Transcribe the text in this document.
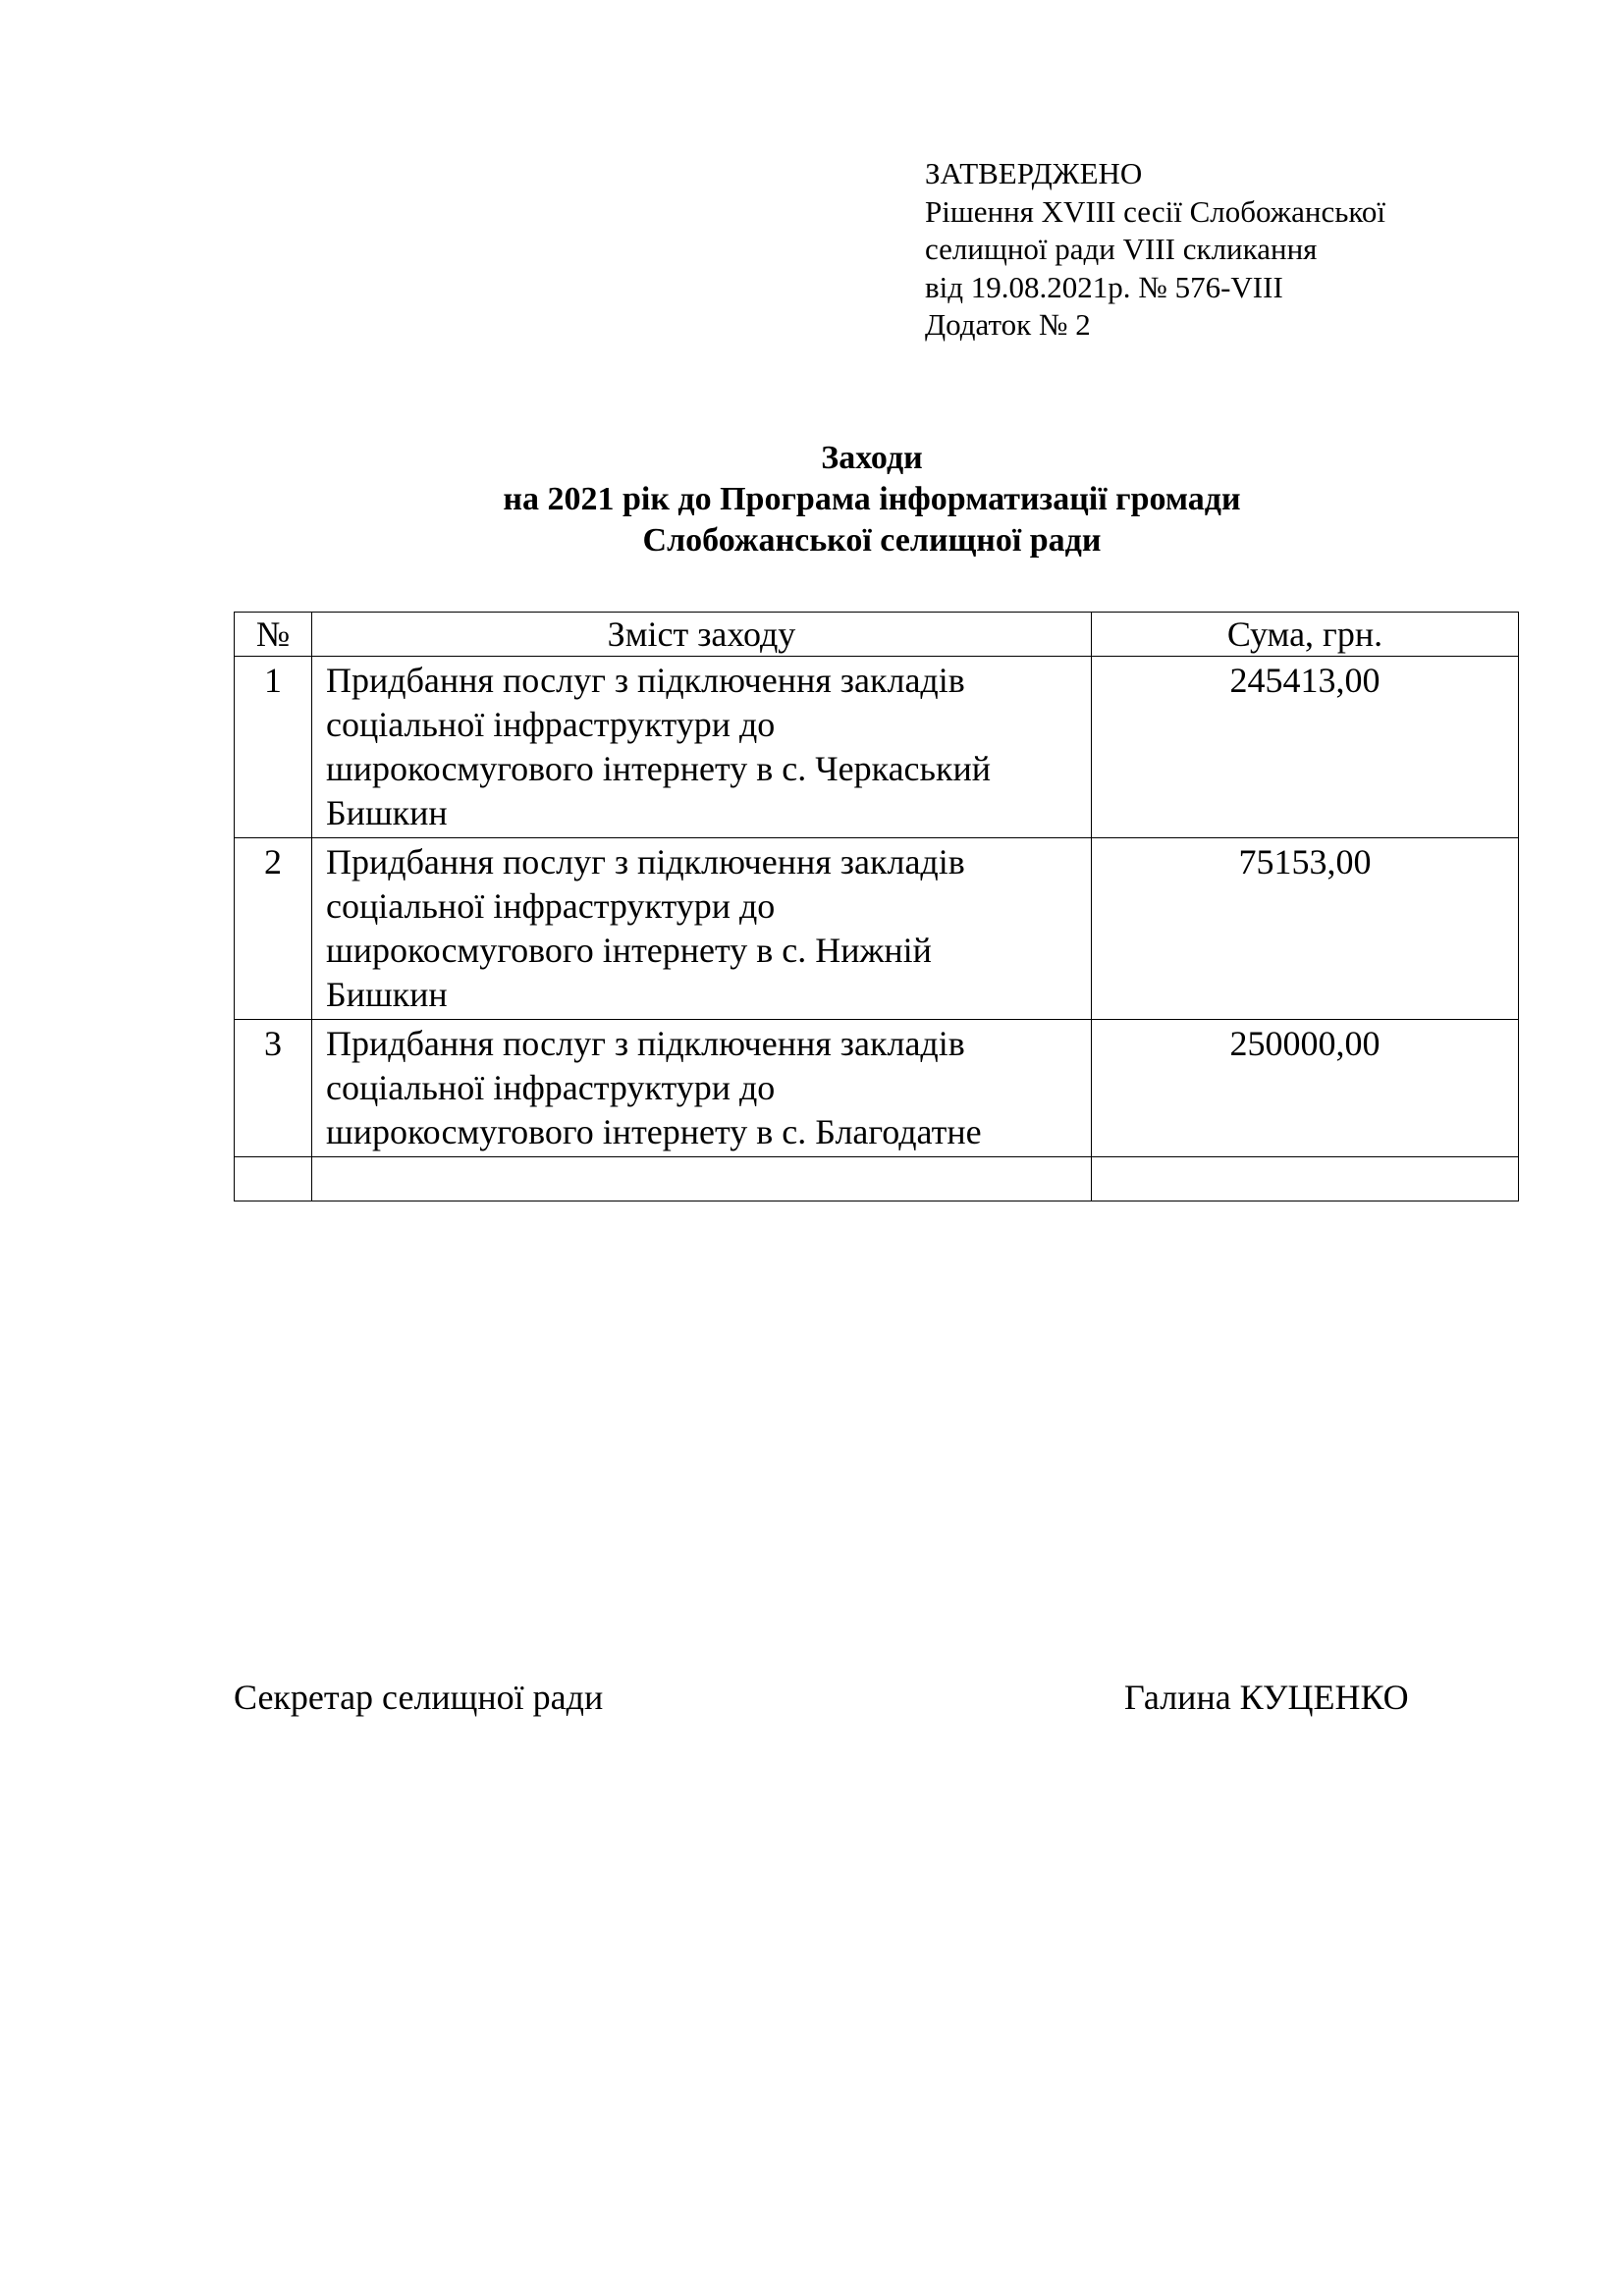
ЗАТВЕРДЖЕНО
Рішення XVIII сесії Слобожанської
селищної ради VIII скликання
від 19.08.2021р. № 576-VIII
Додаток № 2
Заходи
на 2021 рік до Програма інформатизації громади
Слобожанської селищної ради
№	Зміст заходу	Сума, грн.
1	Придбання послуг з підключення закладів
соціальної інфраструктури до
широкосмугового інтернету в с. Черкаський
Бишкин	245413,00
2	Придбання послуг з підключення закладів
соціальної інфраструктури до
широкосмугового інтернету в с. Нижній
Бишкин	75153,00
3	Придбання послуг з підключення закладів
соціальної інфраструктури до
широкосмугового інтернету в с. Благодатне	250000,00

Секретар селищної ради	Галина КУЦЕНКО
